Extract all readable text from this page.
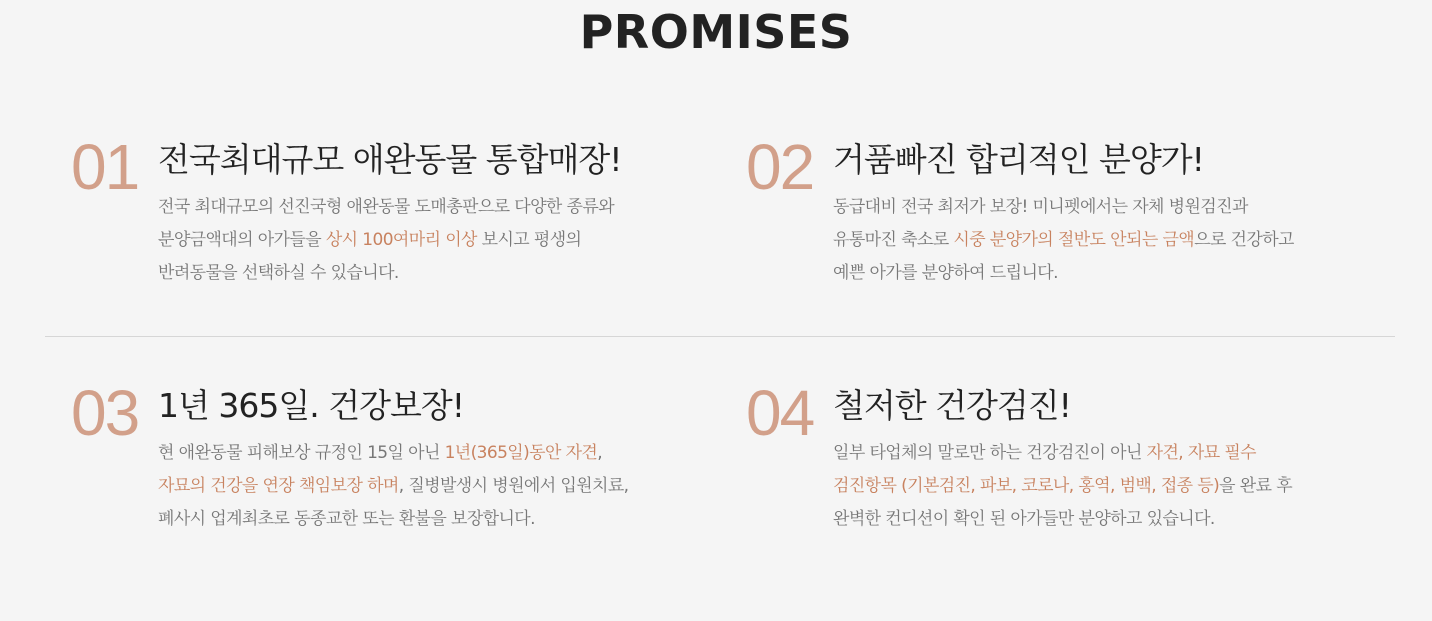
PROMISES
01 전국최대규모 애완동물 통합매장!
전국 최대규모의 선진국형 애완동물 도매총판으로 다양한 종류와
분양금액대의 아가들을 상시 100여마리 이상 보시고 평생의
반려동물을 선택하실 수 있습니다.
02 거품빠진 합리적인 분양가!
동급대비 전국 최저가 보장! 미니펫에서는 자체 병원검진과
유통마진 축소로 시중 분양가의 절반도 안되는 금액으로 건강하고
예쁜 아가를 분양하여 드립니다.
03 1년 365일. 건강보장!
현 애완동물 피해보상 규정인 15일 아닌 1년(365일)동안 자견,
자묘의 건강을 연장 책임보장 하며, 질병발생시 병원에서 입원치료,
폐사시 업계최초로 동종교한 또는 환불을 보장합니다.
04 철저한 건강검진!
일부 타업체의 말로만 하는 건강검진이 아닌 자견, 자묘 필수
검진항목 (기본검진, 파보, 코로나, 홍역, 범백, 접종 등)을 완료 후
완벽한 컨디션이 확인 된 아가들만 분양하고 있습니다.
